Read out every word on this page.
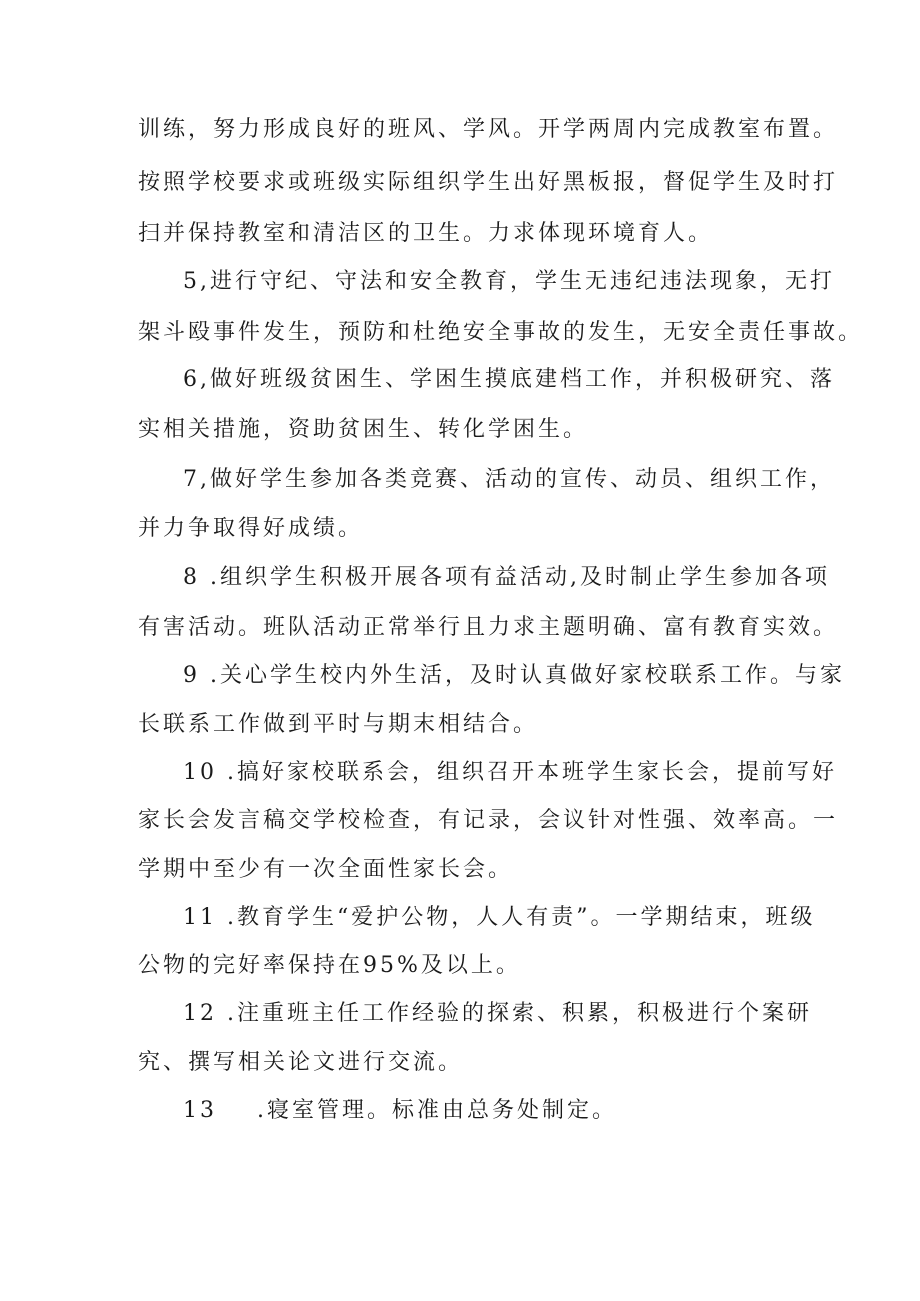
训练，努力形成良好的班风、学风。开学两周内完成教室布置。
按照学校要求或班级实际组织学生出好黑板报，督促学生及时打
扫并保持教室和清洁区的卫生。力求体现环境育人。
5,进行守纪、守法和安全教育，学生无违纪违法现象，无打
架斗殴事件发生，预防和杜绝安全事故的发生，无安全责任事故。
6,做好班级贫困生、学困生摸底建档工作，并积极研究、落
实相关措施，资助贫困生、转化学困生。
7,做好学生参加各类竞赛、活动的宣传、动员、组织工作，
并力争取得好成绩。
8 .组织学生积极开展各项有益活动,及时制止学生参加各项
有害活动。班队活动正常举行且力求主题明确、富有教育实效。
9 .关心学生校内外生活，及时认真做好家校联系工作。与家
长联系工作做到平时与期末相结合。
10 .搞好家校联系会，组织召开本班学生家长会，提前写好
家长会发言稿交学校检查，有记录，会议针对性强、效率高。一
学期中至少有一次全面性家长会。
11 .教育学生“爱护公物，人人有责”。一学期结束，班级
公物的完好率保持在95%及以上。
12 .注重班主任工作经验的探索、积累，积极进行个案研
究、撰写相关论文进行交流。
13    .寝室管理。标准由总务处制定。
